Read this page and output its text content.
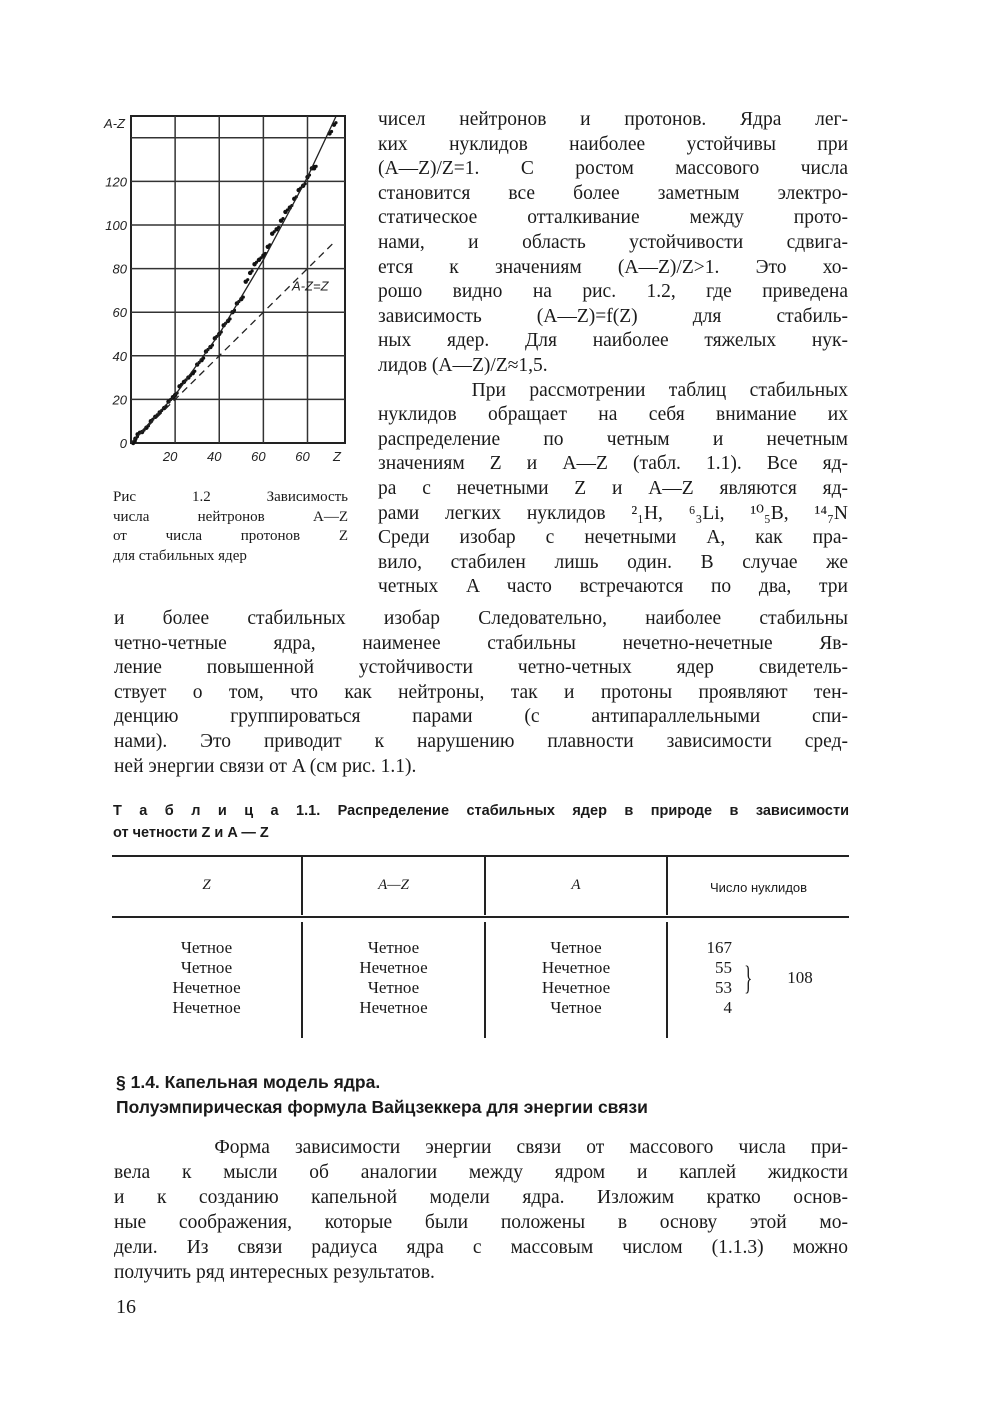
20 40 60 60
0
20
40
60
80
100
120
A-Z
Z
A-Z=Z
Рис 1.2 Зависимость
числа нейтронов A—Z
от числа протонов Z
для стабильных ядер
чисел нейтронов и протонов. Ядра лег-
ких нуклидов наиболее устойчивы при
(A—Z)/Z=1. С ростом массового числа
становится все более заметным электро-
статическое отталкивание между прото-
нами, и область устойчивости сдвига-
ется к значениям (A—Z)/Z>1. Это хо-
рошо видно на рис. 1.2, где приведена
зависимость (A—Z)=f(Z) для стабиль-
ных ядер. Для наиболее тяжелых нук-
лидов (A—Z)/Z≈1,5.
При рассмотрении таблиц стабильных
нуклидов обращает на себя внимание их
распределение по четным и нечетным
значениям Z и A—Z (табл. 1.1). Все яд-
ра с нечетными Z и A—Z являются яд-
рами легких нуклидов ²₁H, ⁶₃Li, ¹⁰₅B, ¹⁴₇N
Среди изобар с нечетными A, как пра-
вило, стабилен лишь один. В случае же
четных A часто встречаются по два, три
и более стабильных изобар Следовательно, наиболее стабильны
четно-четные ядра, наименее стабильны нечетно-нечетные Яв-
ление повышенной устойчивости четно-четных ядер свидетель-
ствует о том, что как нейтроны, так и протоны проявляют тен-
денцию группироваться парами (с антипараллельными спи-
нами). Это приводит к нарушению плавности зависимости сред-
ней энергии связи от A (см рис. 1.1).
Т а б л и ц а 1.1. Распределение стабильных ядер в природе в зависимости
от четности Z и A — Z
Z	A—Z	A	Число нуклидов
Четное	Четное	Четное	167
Четное	Нечетное	Нечетное	55
Нечетное	Четное	Нечетное	53
Нечетное	Нечетное	Четное	4
}	108
§ 1.4. Капельная модель ядра.
Полуэмпирическая формула Вайцзеккера для энергии связи
Форма зависимости энергии связи от массового числа при-
вела к мысли об аналогии между ядром и каплей жидкости
и к созданию капельной модели ядра. Изложим кратко основ-
ные соображения, которые были положены в основу этой мо-
дели. Из связи радиуса ядра с массовым числом (1.1.3) можно
получить ряд интересных результатов.
16
